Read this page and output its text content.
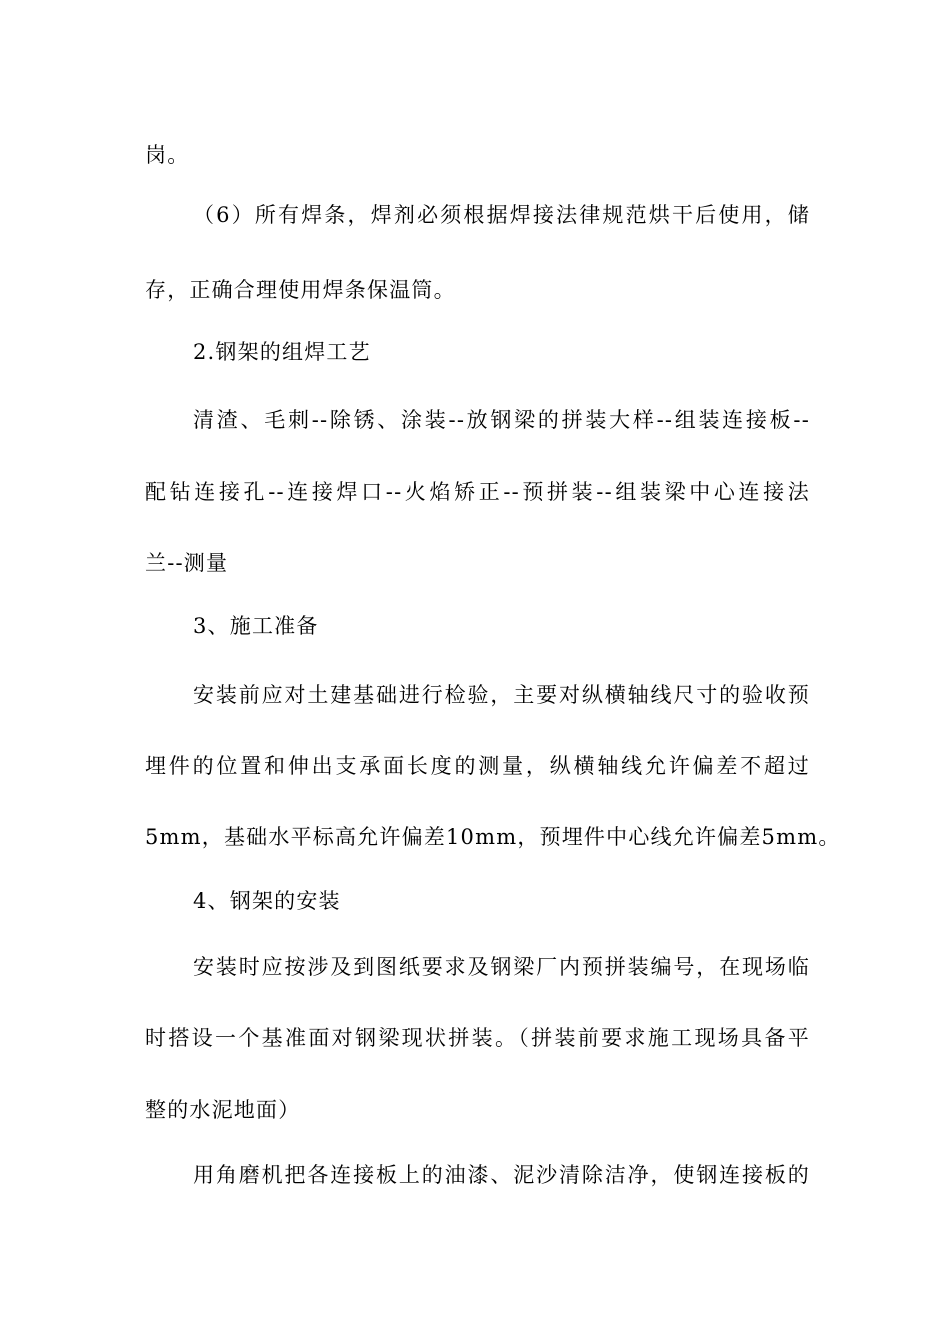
岗。
（6）所有焊条，焊剂必须根据焊接法律规范烘干后使用，储
存，正确合理使用焊条保温筒。
2.钢架的组焊工艺
清渣、毛刺--除锈、涂装--放钢梁的拼装大样--组装连接板--
配钻连接孔--连接焊口--火焰矫正--预拼装--组装梁中心连接法
兰--测量
3、施工准备
安装前应对土建基础进行检验，主要对纵横轴线尺寸的验收预
埋件的位置和伸出支承面长度的测量，纵横轴线允许偏差不超过
5mm，基础水平标高允许偏差10mm，预埋件中心线允许偏差5mm。
4、钢架的安装
安装时应按涉及到图纸要求及钢梁厂内预拼装编号，在现场临
时搭设一个基准面对钢梁现状拼装。（拼装前要求施工现场具备平
整的水泥地面）
用角磨机把各连接板上的油漆、泥沙清除洁净，使钢连接板的
